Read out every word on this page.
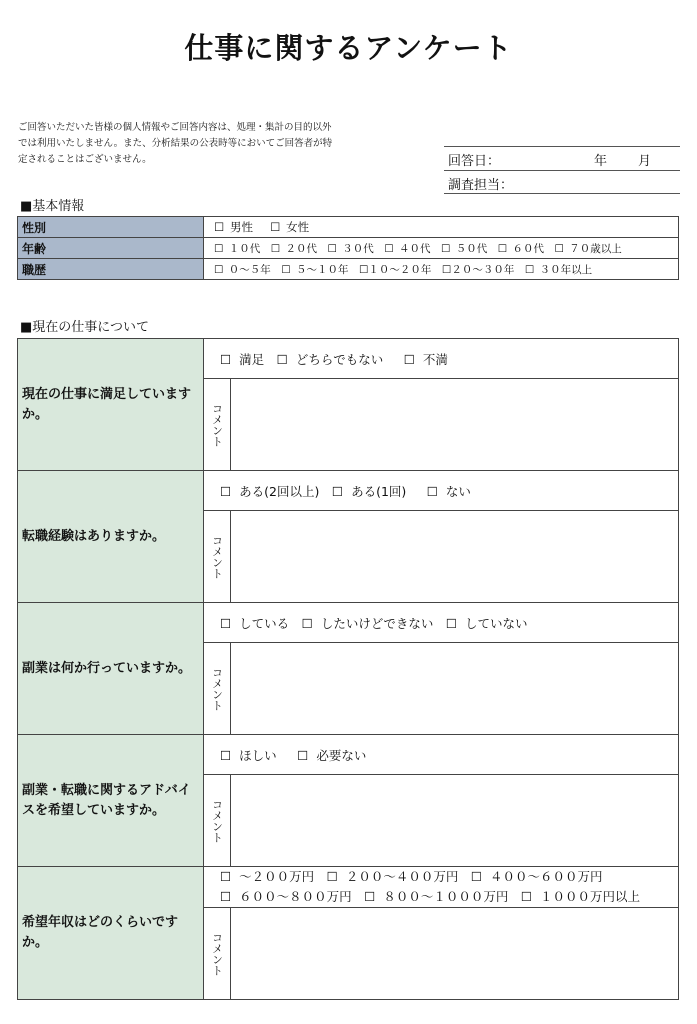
仕事に関するアンケート
ご回答いただいた皆様の個人情報やご回答内容は、処理・集計の目的以外
では利用いたしません。また、分析結果の公表時等においてご回答者が特
定されることはございません。	回答日：	年 月
調査担当：
■基本情報
性別	☐ 男性　 ☐ 女性
年齢	☐ １０代　☐ ２０代　☐ ３０代　☐ ４０代　☐ ５０代　☐ ６０代　☐ ７０歳以上
職歴	☐ ０～５年　☐ ５～１０年　☐１０～２０年　☐２０～３０年　☐ ３０年以上
■現在の仕事について
現在の仕事に満足していますか。	☐ 満足　☐ どちらでもない　 ☐ 不満	
	コメント	
転職経験はありますか。	☐ ある(2回以上)　☐ ある(1回)　 ☐ ない	
	コメント	
副業は何か行っていますか。	☐ している　☐ したいけどできない　☐ していない	
	コメント	
副業・転職に関するアドバイスを希望していますか。	☐ ほしい　 ☐ 必要ない	
	コメント	
希望年収はどのくらいですか。	☐ ～２００万円　☐ ２００～４００万円　☐ ４００～６００万円
☐ ６００～８００万円　☐ ８００～１０００万円　☐ １０００万円以上	

	コメント	
